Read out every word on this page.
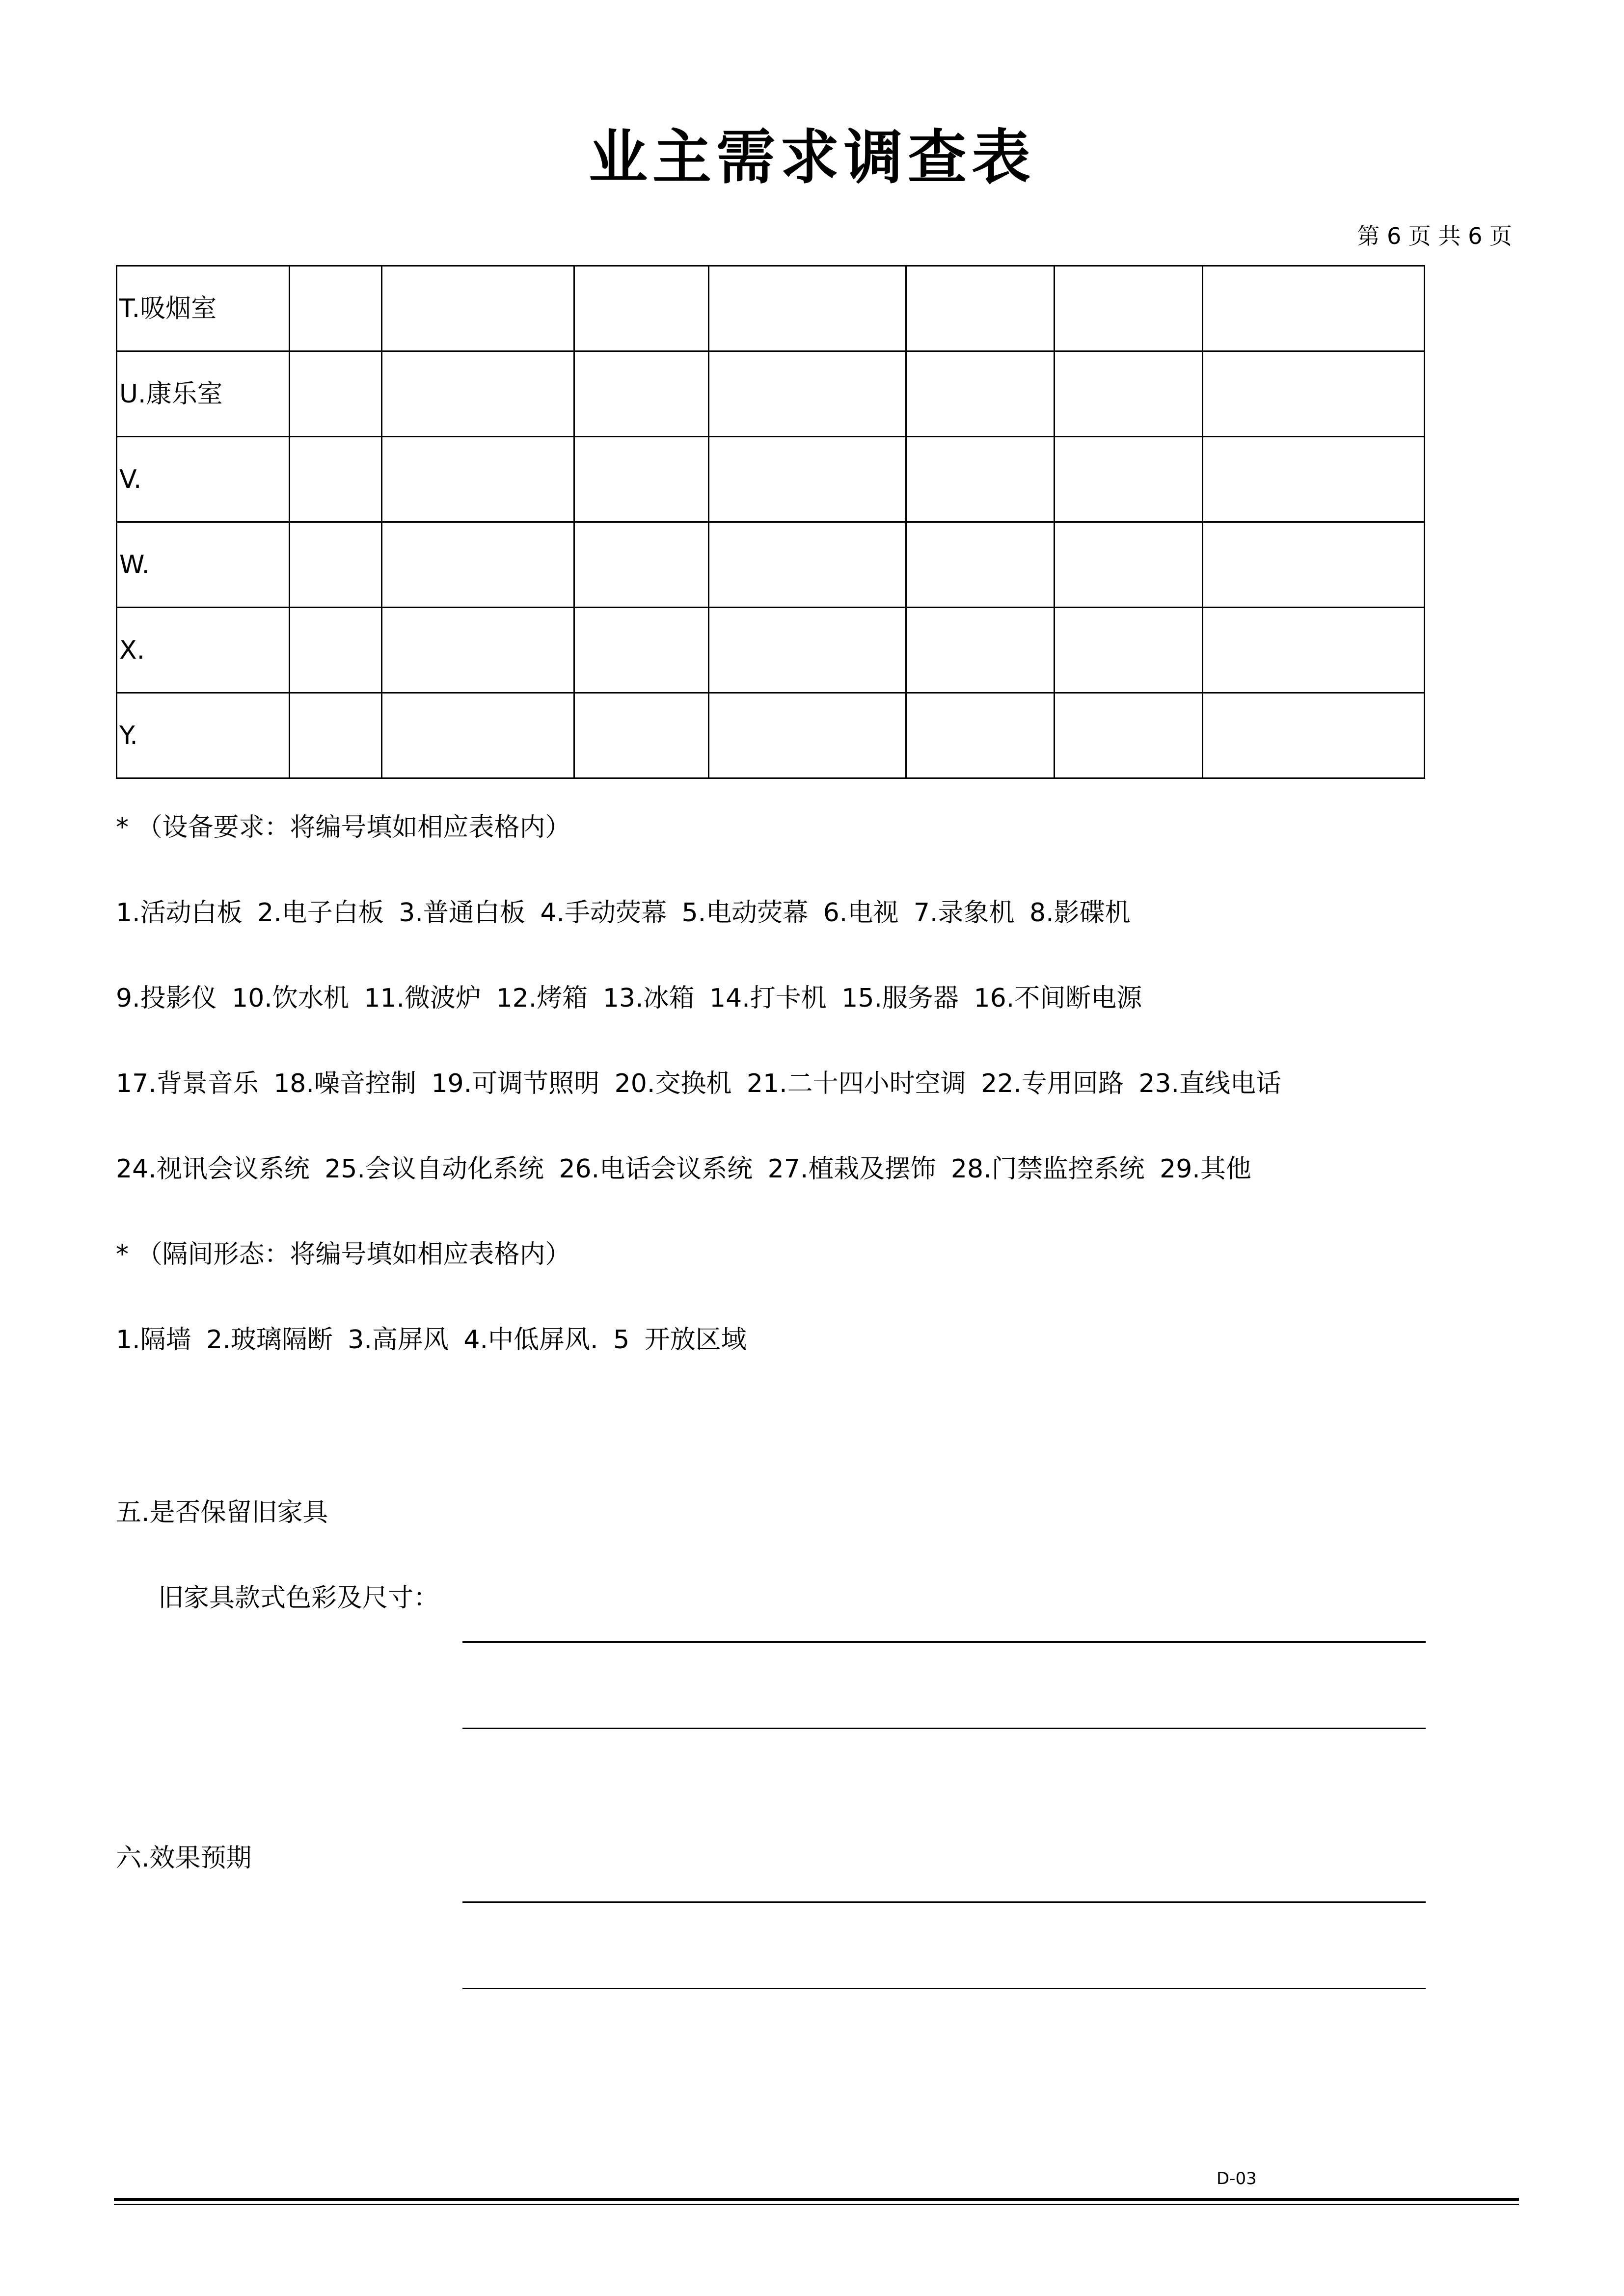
业主需求调查表
第 6 页 共 6 页
T.吸烟室							
U.康乐室							
V.							
W.							
X.							
Y.							
* （设备要求：将编号填如相应表格内）
1.活动白板 2.电子白板 3.普通白板 4.手动荧幕 5.电动荧幕 6.电视 7.录象机 8.影碟机
9.投影仪 10.饮水机 11.微波炉 12.烤箱 13.冰箱 14.打卡机 15.服务器 16.不间断电源
17.背景音乐 18.噪音控制 19.可调节照明 20.交换机 21.二十四小时空调 22.专用回路 23.直线电话
24.视讯会议系统 25.会议自动化系统 26.电话会议系统 27.植栽及摆饰 28.门禁监控系统 29.其他
* （隔间形态：将编号填如相应表格内）
1.隔墙 2.玻璃隔断 3.高屏风 4.中低屏风. 5 开放区域
五.是否保留旧家具
旧家具款式色彩及尺寸：
六.效果预期
D-03
